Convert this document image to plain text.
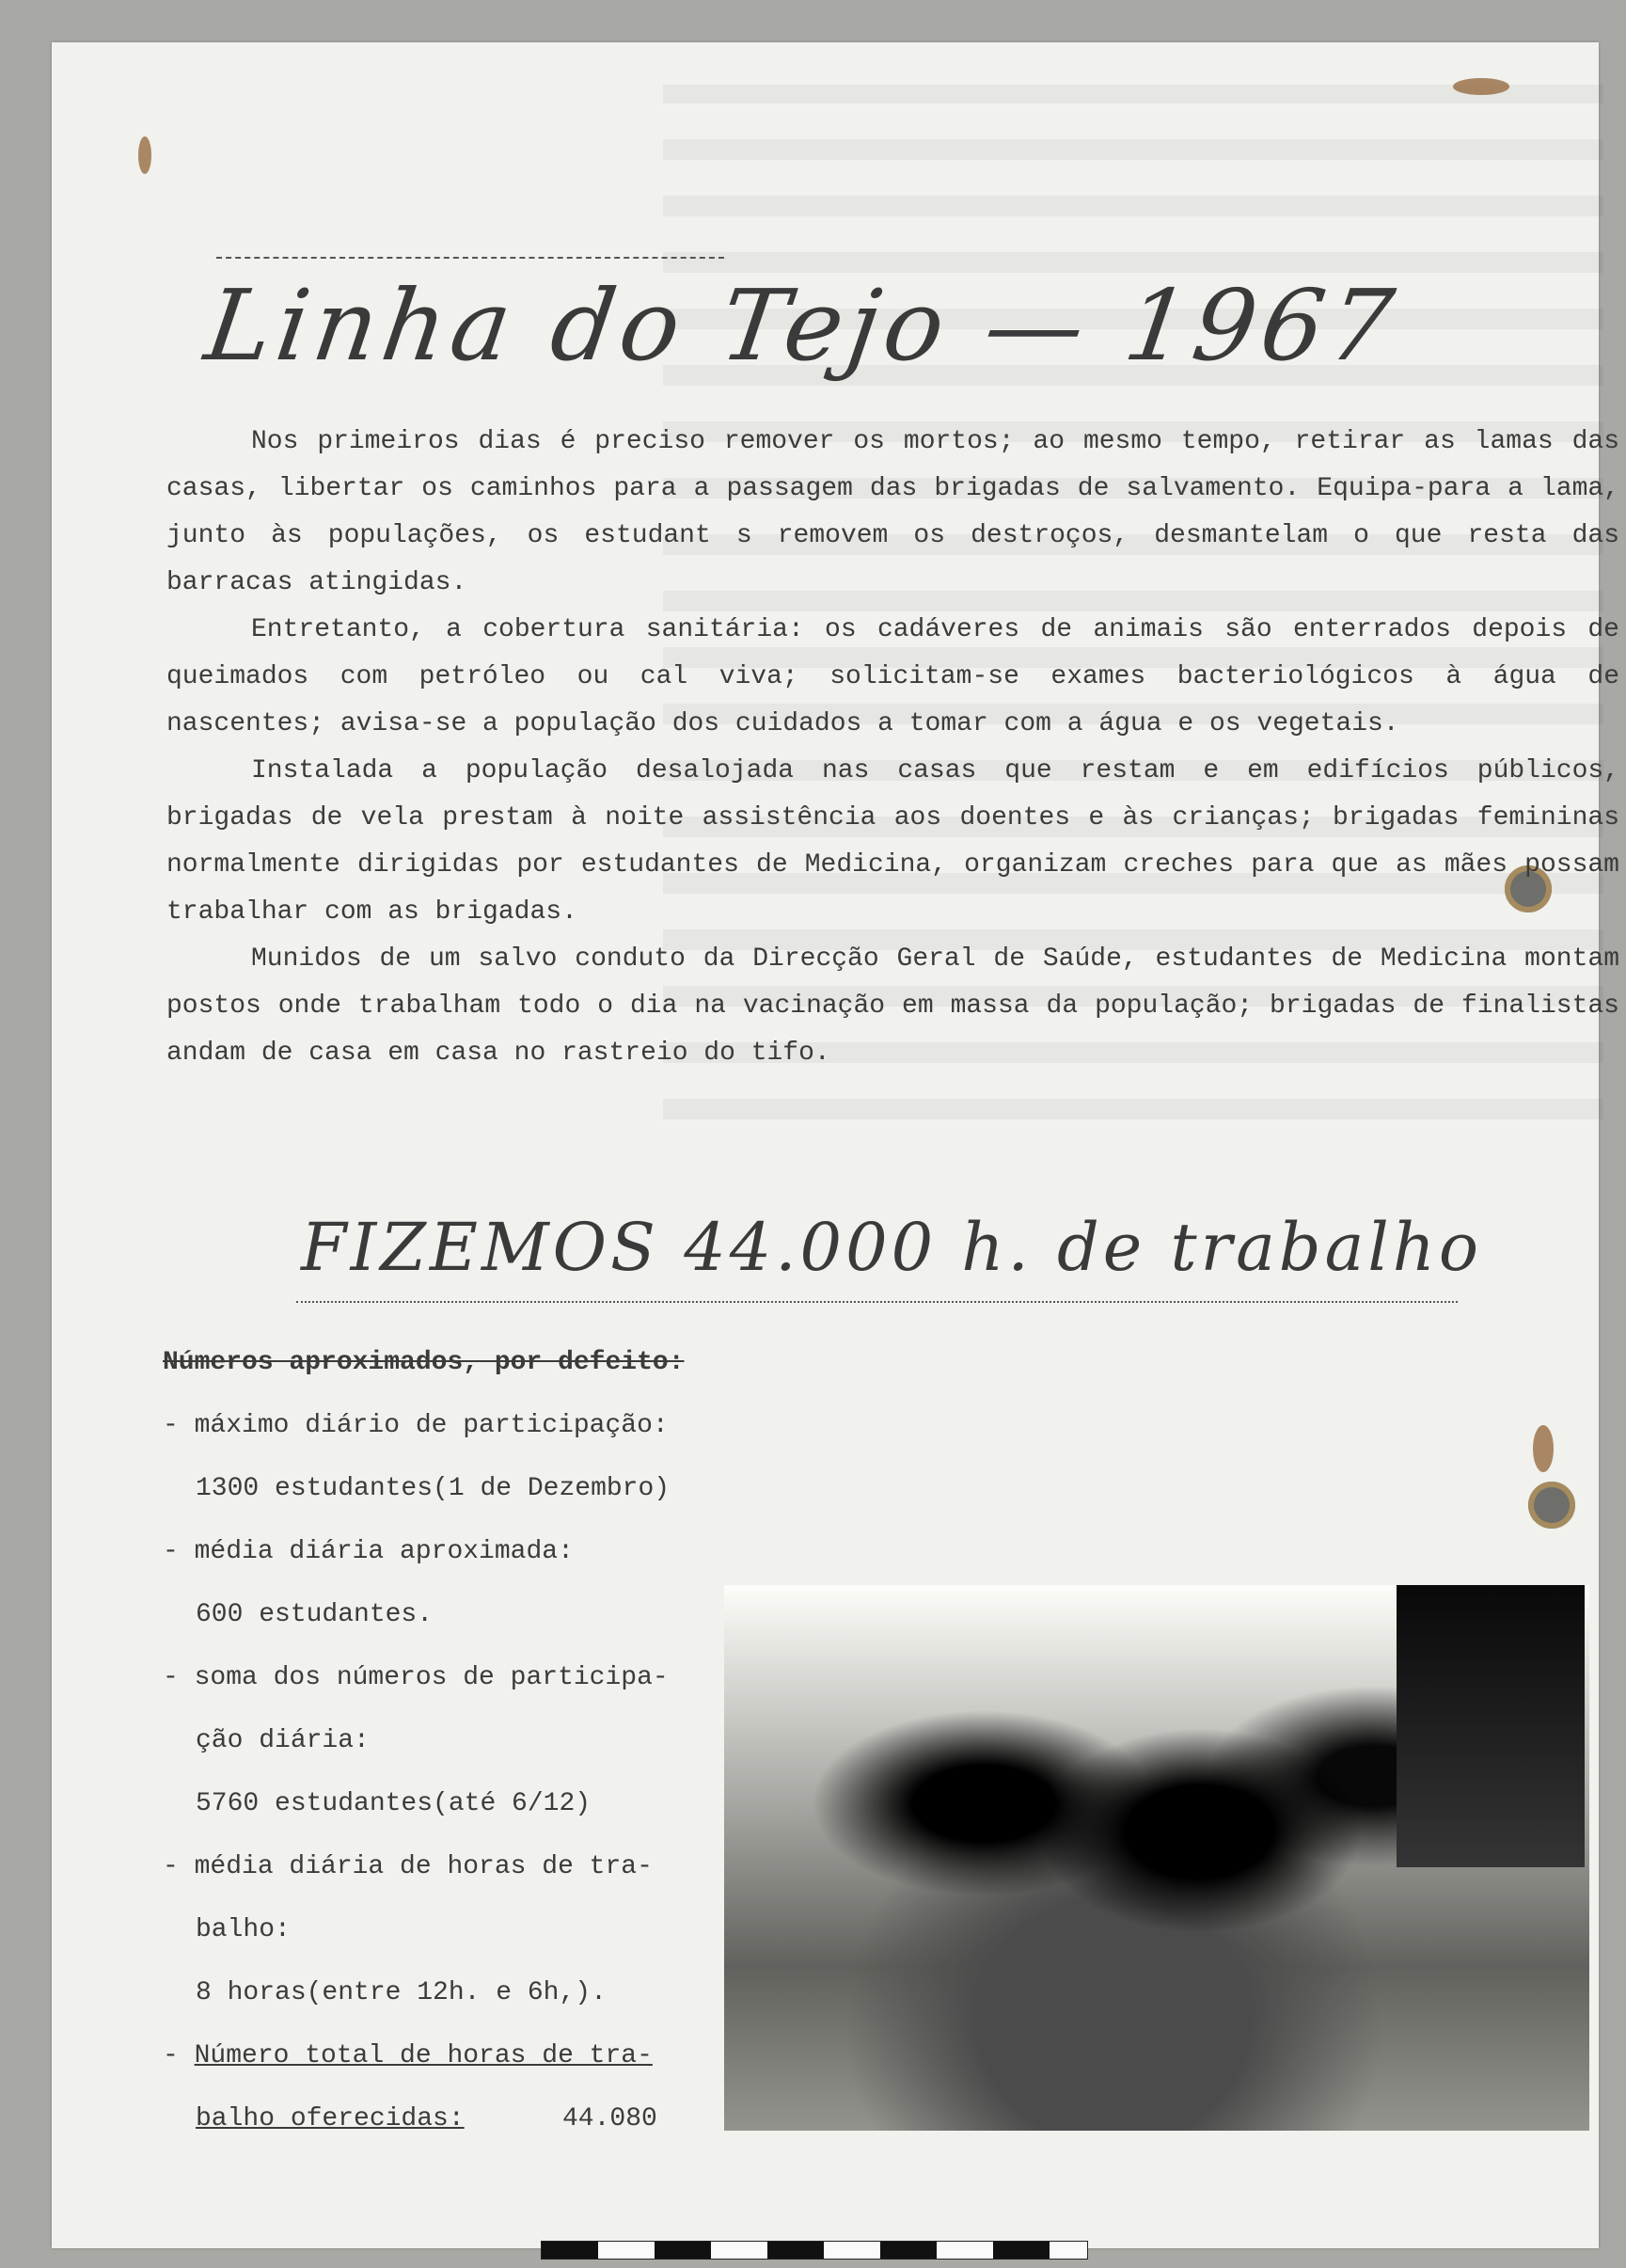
Linha do Tejo — 1967

Nos primeiros dias é preciso remover os mortos; ao mesmo tempo, retirar as lamas das casas, libertar os caminhos para a passagem das brigadas de salvamento. Equipa-para a lama, junto às populações, os estudant s removem os destroços, desmantelam o que resta das barracas atingidas.

Entretanto, a cobertura sanitária: os cadáveres de animais são enterrados depois de queimados com petróleo ou cal viva; solicitam-se exames bacteriológicos à água de nascentes; avisa-se a população dos cuidados a tomar com a água e os vegetais.

Instalada a população desalojada nas casas que restam e em edifícios públicos, brigadas de vela prestam à noite assistência aos doentes e às crianças; brigadas femininas normalmente dirigidas por estudantes de Medicina, organizam creches para que as mães possam trabalhar com as brigadas.

Munidos de um salvo conduto da Direcção Geral de Saúde, estudantes de Medicina montam postos onde trabalham todo o dia na vacinação em massa da população; brigadas de finalistas andam de casa em casa no rastreio do tifo.

FIZEMOS 44.000 h. de trabalho
Números aproximados, por defeito:
- máximo diário de participação:
1300 estudantes(1 de Dezembro)
- média diária aproximada:
600 estudantes.
- soma dos números de participa-
ção diária:
5760 estudantes(até 6/12)
- média diária de horas de tra-
balho:
8 horas(entre 12h. e 6h,).
- Número total de horas de tra-
balho oferecidas:	44.080
